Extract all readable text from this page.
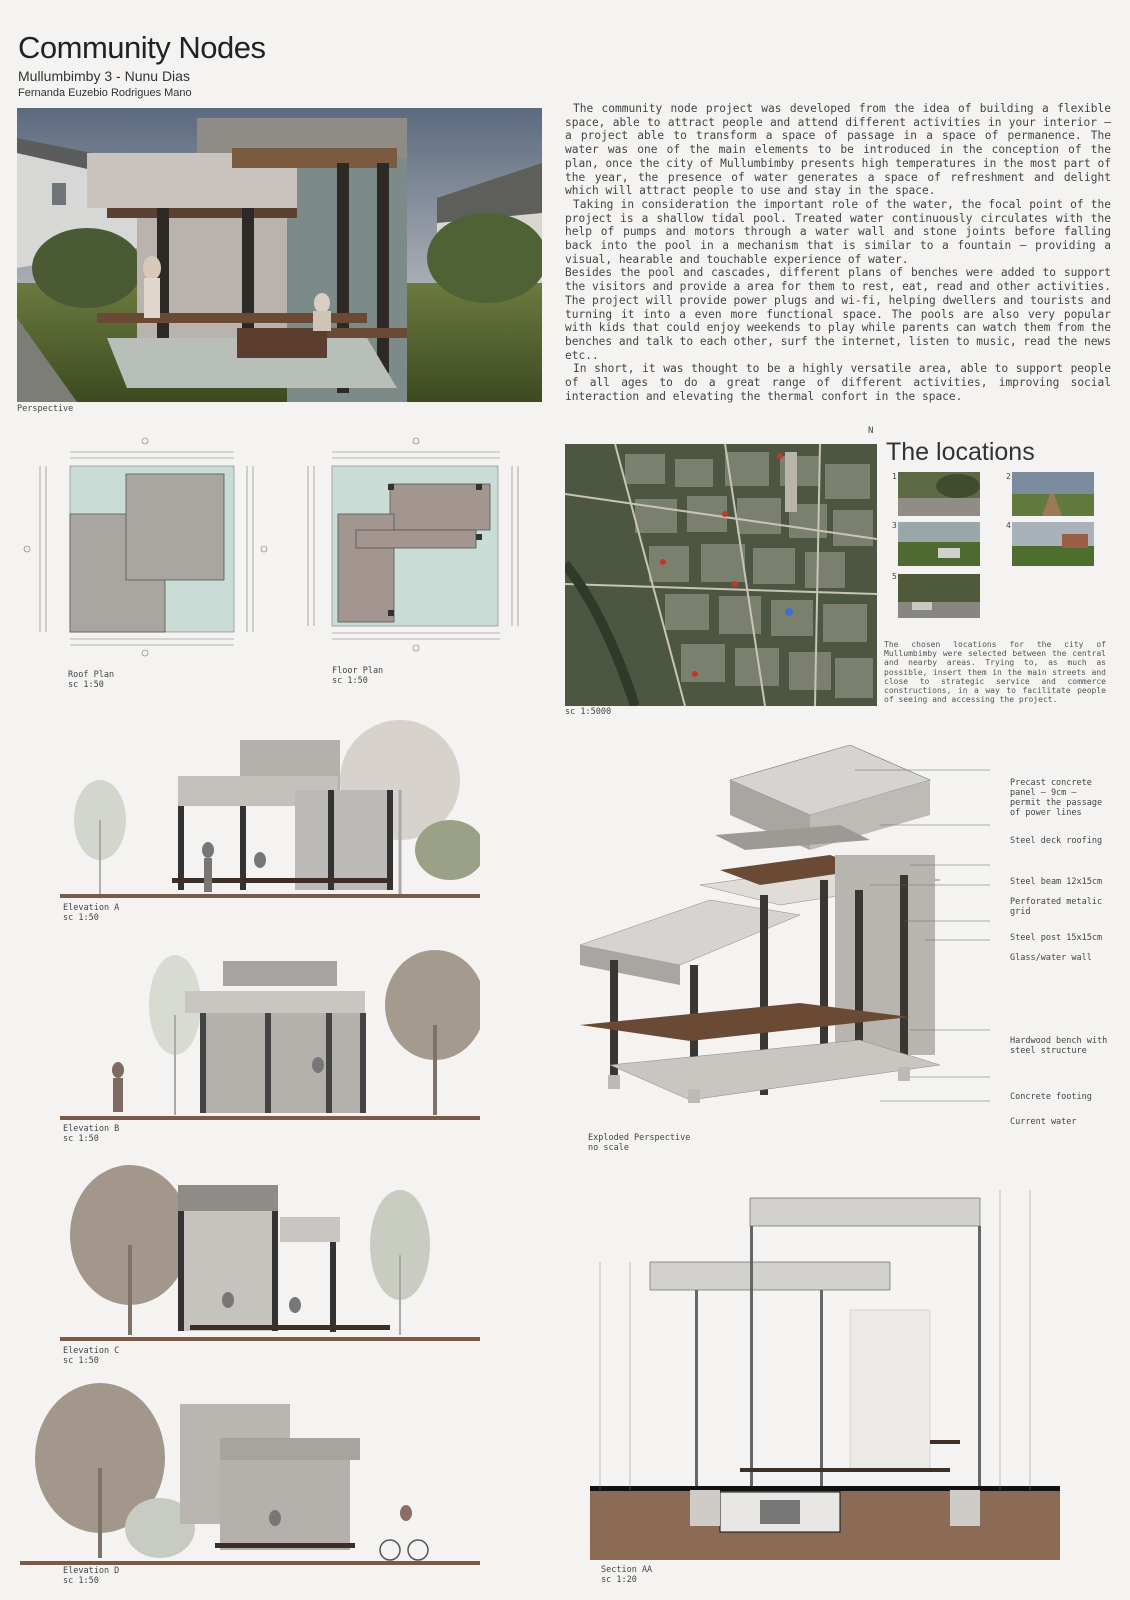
Community Nodes
Mullumbimby 3 - Nunu Dias
Fernanda Euzebio Rodrigues Mano
Perspective

The community node project was developed from the idea of building a flexible space, able to attract people and attend different activities in your interior — a project able to transform a space of passage in a space of permanence. The water was one of the main elements to be introduced in the conception of the plan, once the city of Mullumbimby presents high temperatures in the most part of the year, the presence of water generates a space of refreshment and delight which will attract people to use and stay in the space.

Taking in consideration the important role of the water, the focal point of the project is a shallow tidal pool. Treated water continuously circulates with the help of pumps and motors through a water wall and stone joints before falling back into the pool in a mechanism that is similar to a fountain — providing a visual, hearable and touchable experience of water.

Besides the pool and cascades, different plans of benches were added to support the visitors and provide a area for them to rest, eat, read and other activities. The project will provide power plugs and wi-fi, helping dwellers and tourists and turning it into a even more functional space. The pools are also very popular with kids that could enjoy weekends to play while parents can watch them from the benches and talk to each other, surf the internet, listen to music, read the news etc..

In short, it was thought to be a highly versatile area, able to support people of all ages to do a great range of different activities, improving social interaction and elevating the thermal confort in the space.

Roof Plan
sc 1:50
Floor Plan
sc 1:50
N
sc 1:5000
The locations
1	2
3	4
5
The chosen locations for the city of Mullumbimby were selected between the central and nearby areas. Trying to, as much as possible, insert them in the main streets and close to strategic service and commerce constructions, in a way to facilitate people of seeing and accessing the project.
Elevation A
sc 1:50
Elevation B
sc 1:50
Elevation C
sc 1:50
Elevation D
sc 1:50
Precast concrete
panel — 9cm —
permit the passage
of power lines
Steel deck roofing
Steel beam 12x15cm
Perforated metalic
grid
Steel post 15x15cm
Glass/water wall
Hardwood bench with
steel structure
Concrete footing
Current water
Exploded Perspective
no scale
Section AA
sc 1:20
